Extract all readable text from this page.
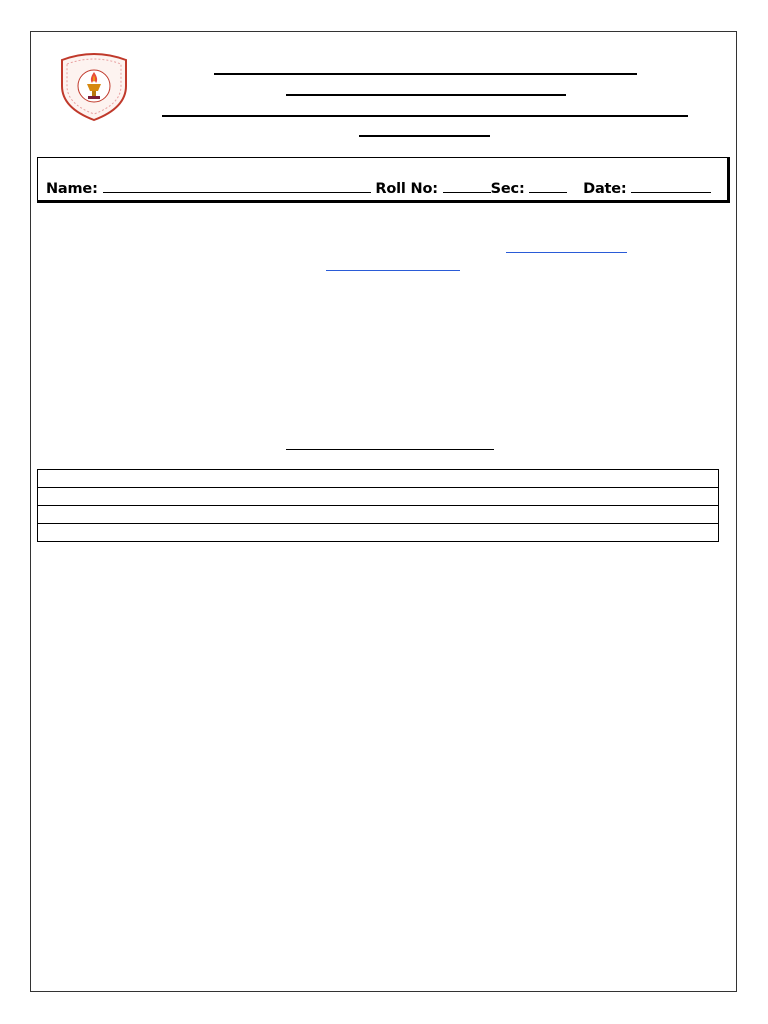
Name:	Roll No:	Sec:	Date:
